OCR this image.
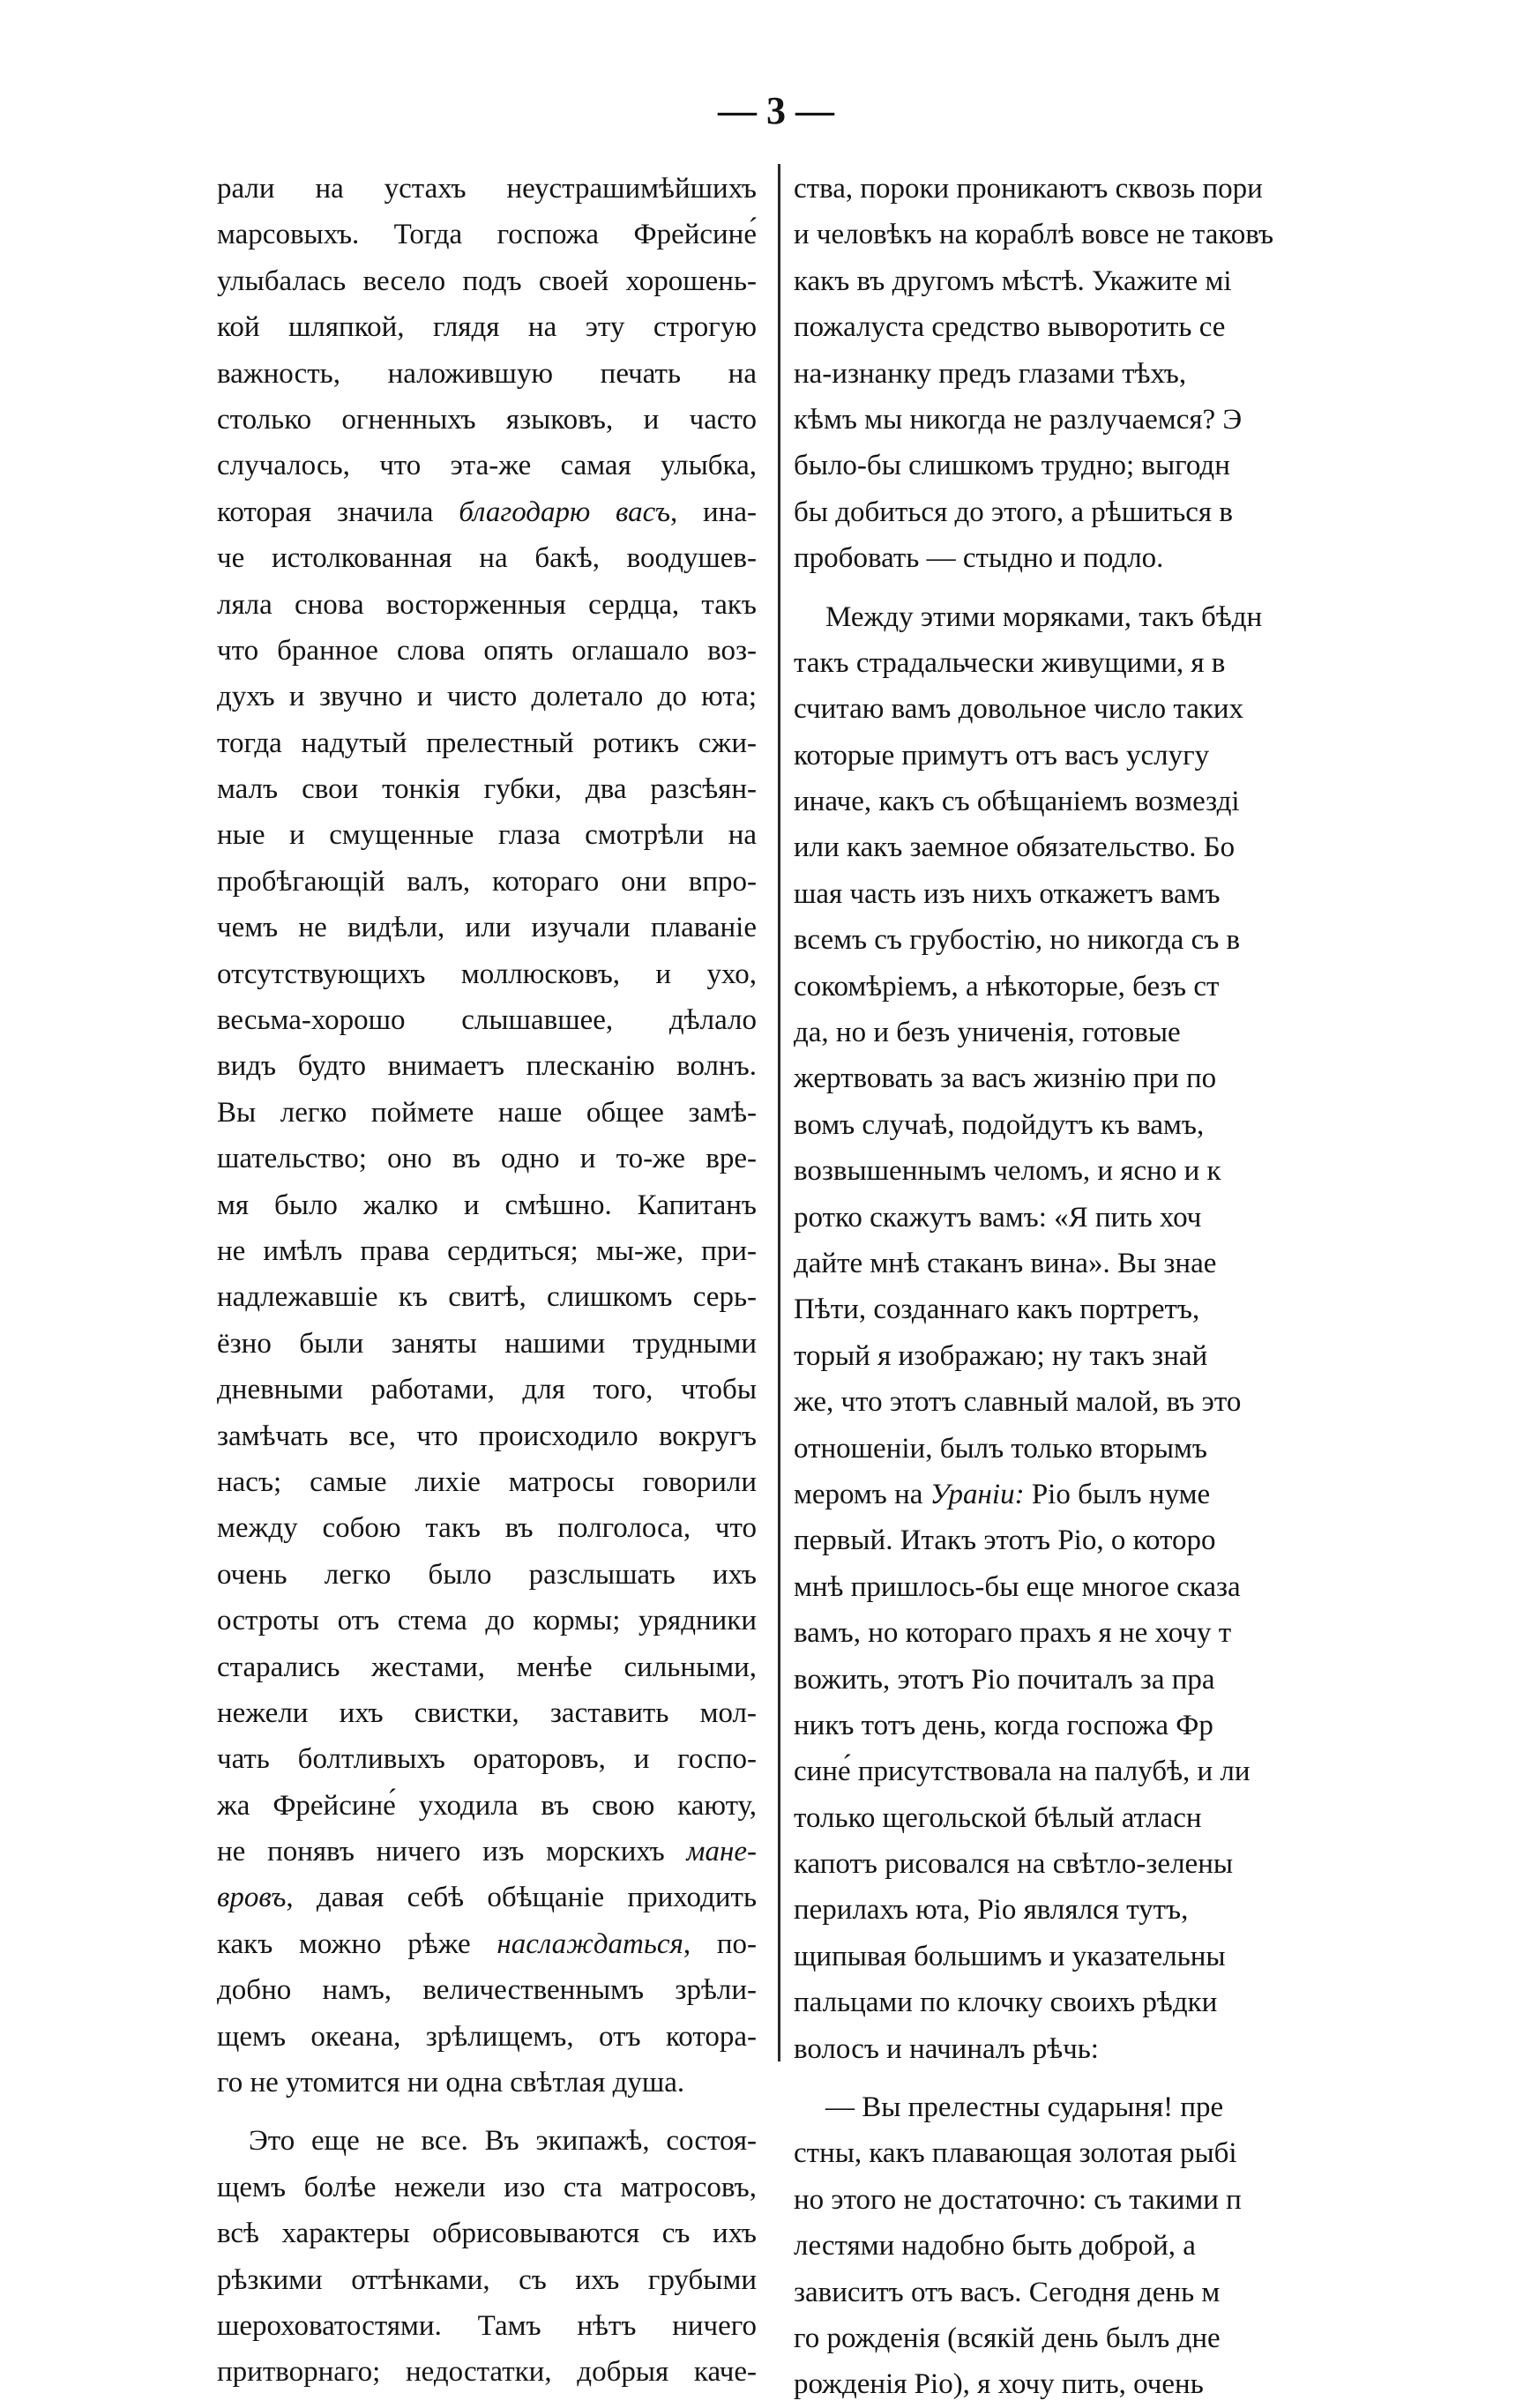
— 3 —
рали на устахъ неустрашимѣйшихъ
марсовыхъ. Тогда госпожа Фрейсине́
улыбалась весело подъ своей хорошень-
кой шляпкой, глядя на эту строгую
важность, наложившую печать на
столько огненныхъ языковъ, и часто
случалось, что эта-же самая улыбка,
которая значила благодарю васъ, ина-
че истолкованная на бакѣ, воодушев-
ляла снова восторженныя сердца, такъ
что бранное слова опять оглашало воз-
духъ и звучно и чисто долетало до юта;
тогда надутый прелестный ротикъ сжи-
малъ свои тонкія губки, два разсѣян-
ные и смущенные глаза смотрѣли на
пробѣгающій валъ, котораго они впро-
чемъ не видѣли, или изучали плаваніе
отсутствующихъ моллюсковъ, и ухо,
весьма-хорошо слышавшее, дѣлало
видъ будто внимаетъ плесканію волнъ.
Вы легко поймете наше общее замѣ-
шательство; оно въ одно и то-же вре-
мя было жалко и смѣшно. Капитанъ
не имѣлъ права сердиться; мы-же, при-
надлежавшіе къ свитѣ, слишкомъ серь-
ёзно были заняты нашими трудными
дневными работами, для того, чтобы
замѣчать все, что происходило вокругъ
насъ; самые лихіе матросы говорили
между собою такъ въ полголоса, что
очень легко было разслышать ихъ
остроты отъ стема до кормы; урядники
старались жестами, менѣе сильными,
нежели ихъ свистки, заставить мол-
чать болтливыхъ ораторовъ, и госпо-
жа Фрейсине́ уходила въ свою каюту,
не понявъ ничего изъ морскихъ мане-
вровъ, давая себѣ обѣщаніе приходить
какъ можно рѣже наслаждаться, по-
добно намъ, величественнымъ зрѣли-
щемъ океана, зрѣлищемъ, отъ котора-
го не утомится ни одна свѣтлая душа.
Это еще не все. Въ экипажѣ, состоя-
щемъ болѣе нежели изо ста матросовъ,
всѣ характеры обрисовываются съ ихъ
рѣзкими оттѣнками, съ ихъ грубыми
шероховатостями. Тамъ нѣтъ ничего
притворнаго; недостатки, добрыя каче-
ства, пороки проникаютъ сквозь пори
и человѣкъ на кораблѣ вовсе не таковъ
какъ въ другомъ мѣстѣ. Укажите мі
пожалуста средство выворотить се
на-изнанку предъ глазами тѣхъ,
кѣмъ мы никогда не разлучаемся? Э
было-бы слишкомъ трудно; выгодн
бы добиться до этого, а рѣшиться в
пробовать — стыдно и подло.
Между этими моряками, такъ бѣдн
такъ страдальчески живущими, я в
считаю вамъ довольное число таких
которые примутъ отъ васъ услугу
иначе, какъ съ обѣщаніемъ возмезді
или какъ заемное обязательство. Бо
шая часть изъ нихъ откажетъ вамъ
всемъ съ грубостію, но никогда съ в
сокомѣріемъ, а нѣкоторые, безъ ст
да, но и безъ униченія, готовые
жертвовать за васъ жизнію при по
вомъ случаѣ, подойдутъ къ вамъ,
возвышеннымъ челомъ, и ясно и к
ротко скажутъ вамъ: «Я пить хоч
дайте мнѣ стаканъ вина». Вы знае
Пѣти, созданнаго какъ портретъ,
торый я изображаю; ну такъ знай
же, что этотъ славный малой, въ это
отношеніи, былъ только вторымъ
меромъ на Ураніи: Ріо былъ нуме
первый. Итакъ этотъ Ріо, о которо
мнѣ пришлось-бы еще многое сказа
вамъ, но котораго прахъ я не хочу т
вожить, этотъ Ріо почиталъ за пра
никъ тотъ день, когда госпожа Фр
сине́ присутствовала на палубѣ, и ли
только щегольской бѣлый атласн
капотъ рисовался на свѣтло-зелены
перилахъ юта, Ріо являлся тутъ,
щипывая большимъ и указательны
пальцами по клочку своихъ рѣдки
волосъ и начиналъ рѣчь:
— Вы прелестны сударыня! пре
стны, какъ плавающая золотая рыбі
но этого не достаточно: съ такими п
лестями надобно быть доброй, а
зависитъ отъ васъ. Сегодня день м
го рожденія (всякій день былъ дне
рожденія Ріо), я хочу пить, очень
